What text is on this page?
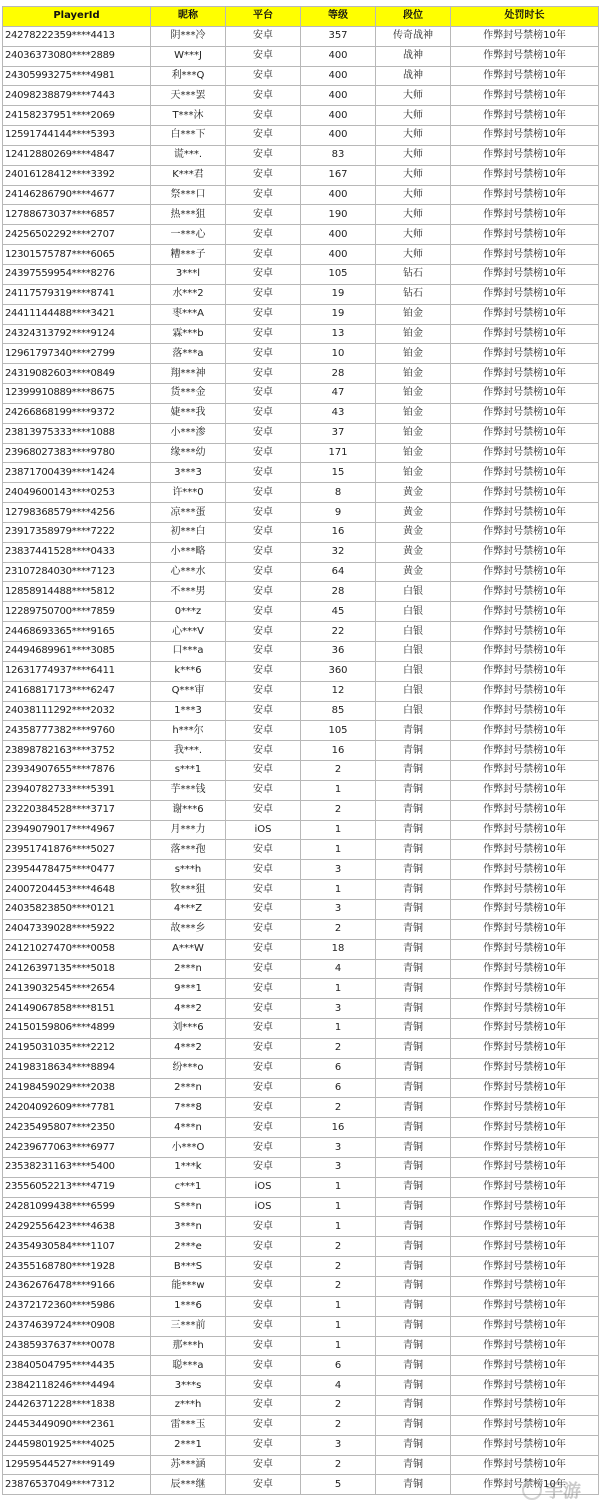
PlayerId	昵称	平台	等级	段位	处罚时长
24278222359****4413	阴***冷	安卓	357	传奇战神	作弊封号禁榜10年
24036373080****2889	W***J	安卓	400	战神	作弊封号禁榜10年
24305993275****4981	利***Q	安卓	400	战神	作弊封号禁榜10年
24098238879****7443	天***罢	安卓	400	大师	作弊封号禁榜10年
24158237951****2069	T***沐	安卓	400	大师	作弊封号禁榜10年
12591744144****5393	白***下	安卓	400	大师	作弊封号禁榜10年
12412880269****4847	谎***.	安卓	83	大师	作弊封号禁榜10年
24016128412****3392	K***君	安卓	167	大师	作弊封号禁榜10年
24146286790****4677	祭***口	安卓	400	大师	作弊封号禁榜10年
12788673037****6857	热***狙	安卓	190	大师	作弊封号禁榜10年
24256502292****2707	一***心	安卓	400	大师	作弊封号禁榜10年
12301575787****6065	糟***子	安卓	400	大师	作弊封号禁榜10年
24397559954****8276	3***l	安卓	105	钻石	作弊封号禁榜10年
24117579319****8741	水***2	安卓	19	钻石	作弊封号禁榜10年
24411144488****3421	枣***A	安卓	19	铂金	作弊封号禁榜10年
24324313792****9124	霖***b	安卓	13	铂金	作弊封号禁榜10年
12961797340****2799	落***a	安卓	10	铂金	作弊封号禁榜10年
24319082603****0849	翔***神	安卓	28	铂金	作弊封号禁榜10年
12399910889****8675	货***金	安卓	47	铂金	作弊封号禁榜10年
24266868199****9372	婕***我	安卓	43	铂金	作弊封号禁榜10年
23813975333****1088	小***渗	安卓	37	铂金	作弊封号禁榜10年
23968027383****9780	缘***幼	安卓	171	铂金	作弊封号禁榜10年
23871700439****1424	3***3	安卓	15	铂金	作弊封号禁榜10年
24049600143****0253	许***0	安卓	8	黄金	作弊封号禁榜10年
12798368579****4256	凉***蛋	安卓	9	黄金	作弊封号禁榜10年
23917358979****7222	初***白	安卓	16	黄金	作弊封号禁榜10年
23837441528****0433	小***略	安卓	32	黄金	作弊封号禁榜10年
23107284030****7123	心***水	安卓	64	黄金	作弊封号禁榜10年
12858914488****5812	不***男	安卓	28	白银	作弊封号禁榜10年
12289750700****7859	0***z	安卓	45	白银	作弊封号禁榜10年
24468693365****9165	心***V	安卓	22	白银	作弊封号禁榜10年
24494689961****3085	口***a	安卓	36	白银	作弊封号禁榜10年
12631774937****6411	k***6	安卓	360	白银	作弊封号禁榜10年
24168817173****6247	Q***审	安卓	12	白银	作弊封号禁榜10年
24038111292****2032	1***3	安卓	85	白银	作弊封号禁榜10年
24358777382****9760	h***尔	安卓	105	青铜	作弊封号禁榜10年
23898782163****3752	我***.	安卓	16	青铜	作弊封号禁榜10年
23934907655****7876	s***1	安卓	2	青铜	作弊封号禁榜10年
23940782733****5391	芋***钱	安卓	1	青铜	作弊封号禁榜10年
23220384528****3717	谢***6	安卓	2	青铜	作弊封号禁榜10年
23949079017****4967	月***力	iOS	1	青铜	作弊封号禁榜10年
23951741876****5027	落***孢	安卓	1	青铜	作弊封号禁榜10年
23954478475****0477	s***h	安卓	3	青铜	作弊封号禁榜10年
24007204453****4648	牧***狙	安卓	1	青铜	作弊封号禁榜10年
24035823850****0121	4***Z	安卓	3	青铜	作弊封号禁榜10年
24047339028****5922	故***乡	安卓	2	青铜	作弊封号禁榜10年
24121027470****0058	A***W	安卓	18	青铜	作弊封号禁榜10年
24126397135****5018	2***n	安卓	4	青铜	作弊封号禁榜10年
24139032545****2654	9***1	安卓	1	青铜	作弊封号禁榜10年
24149067858****8151	4***2	安卓	3	青铜	作弊封号禁榜10年
24150159806****4899	刘***6	安卓	1	青铜	作弊封号禁榜10年
24195031035****2212	4***2	安卓	2	青铜	作弊封号禁榜10年
24198318634****8894	纷***o	安卓	6	青铜	作弊封号禁榜10年
24198459029****2038	2***n	安卓	6	青铜	作弊封号禁榜10年
24204092609****7781	7***8	安卓	2	青铜	作弊封号禁榜10年
24235495807****2350	4***n	安卓	16	青铜	作弊封号禁榜10年
24239677063****6977	小***O	安卓	3	青铜	作弊封号禁榜10年
23538231163****5400	1***k	安卓	3	青铜	作弊封号禁榜10年
23556052213****4719	c***1	iOS	1	青铜	作弊封号禁榜10年
24281099438****6599	S***n	iOS	1	青铜	作弊封号禁榜10年
24292556423****4638	3***n	安卓	1	青铜	作弊封号禁榜10年
24354930584****1107	2***e	安卓	2	青铜	作弊封号禁榜10年
24355168780****1928	B***S	安卓	2	青铜	作弊封号禁榜10年
24362676478****9166	能***w	安卓	2	青铜	作弊封号禁榜10年
24372172360****5986	1***6	安卓	1	青铜	作弊封号禁榜10年
24374639724****0908	三***前	安卓	1	青铜	作弊封号禁榜10年
24385937637****0078	那***h	安卓	1	青铜	作弊封号禁榜10年
23840504795****4435	聪***a	安卓	6	青铜	作弊封号禁榜10年
23842118246****4494	3***s	安卓	4	青铜	作弊封号禁榜10年
24426371228****1838	z***h	安卓	2	青铜	作弊封号禁榜10年
24453449090****2361	雷***玉	安卓	2	青铜	作弊封号禁榜10年
24459801925****4025	2***1	安卓	3	青铜	作弊封号禁榜10年
12959544527****9149	苏***涵	安卓	2	青铜	作弊封号禁榜10年
23876537049****7312	辰***继	安卓	5	青铜	作弊封号禁榜10年
手游
